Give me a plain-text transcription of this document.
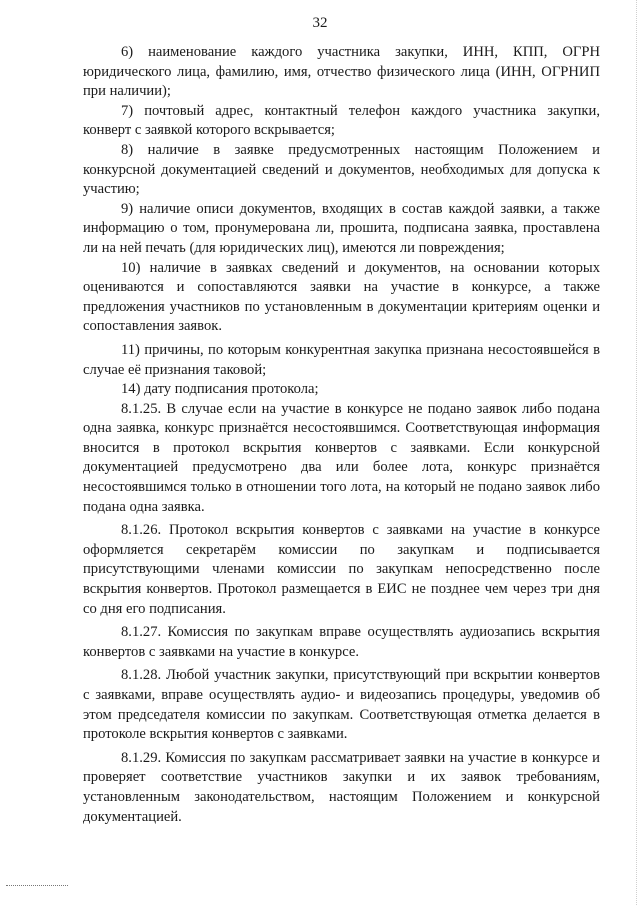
32

6) наименование каждого участника закупки, ИНН, КПП, ОГРН юридического лица, фамилию, имя, отчество физического лица (ИНН, ОГРНИП при наличии);

7) почтовый адрес, контактный телефон каждого участника закупки, конверт с заявкой которого вскрывается;

8) наличие в заявке предусмотренных настоящим Положением и конкурсной документацией сведений и документов, необходимых для допуска к участию;

9) наличие описи документов, входящих в состав каждой заявки, а также информацию о том, пронумерована ли, прошита, подписана заявка, проставлена ли на ней печать (для юридических лиц), имеются ли повреждения;

10) наличие в заявках сведений и документов, на основании которых оцениваются и сопоставляются заявки на участие в конкурсе, а также предложения участников по установленным в документации критериям оценки и сопоставления заявок.

11) причины, по которым конкурентная закупка признана несостоявшейся в случае её признания таковой;

14) дату подписания протокола;

8.1.25. В случае если на участие в конкурсе не подано заявок либо подана одна заявка, конкурс признаётся несостоявшимся. Соответствующая информация вносится в протокол вскрытия конвертов с заявками. Если конкурсной документацией предусмотрено два или более лота, конкурс признаётся несостоявшимся только в отношении того лота, на который не подано заявок либо подана одна заявка.

8.1.26. Протокол вскрытия конвертов с заявками на участие в конкурсе оформляется секретарём комиссии по закупкам и подписывается присутствующими членами комиссии по закупкам непосредственно после вскрытия конвертов. Протокол размещается в ЕИС не позднее чем через три дня со дня его подписания.

8.1.27. Комиссия по закупкам вправе осуществлять аудиозапись вскрытия конвертов с заявками на участие в конкурсе.

8.1.28. Любой участник закупки, присутствующий при вскрытии конвертов с заявками, вправе осуществлять аудио- и видеозапись процедуры, уведомив об этом председателя комиссии по закупкам. Соответствующая отметка делается в протоколе вскрытия конвертов с заявками.

8.1.29. Комиссия по закупкам рассматривает заявки на участие в конкурсе и проверяет соответствие участников закупки и их заявок требованиям, установленным законодательством, настоящим Положением и конкурсной документацией.
